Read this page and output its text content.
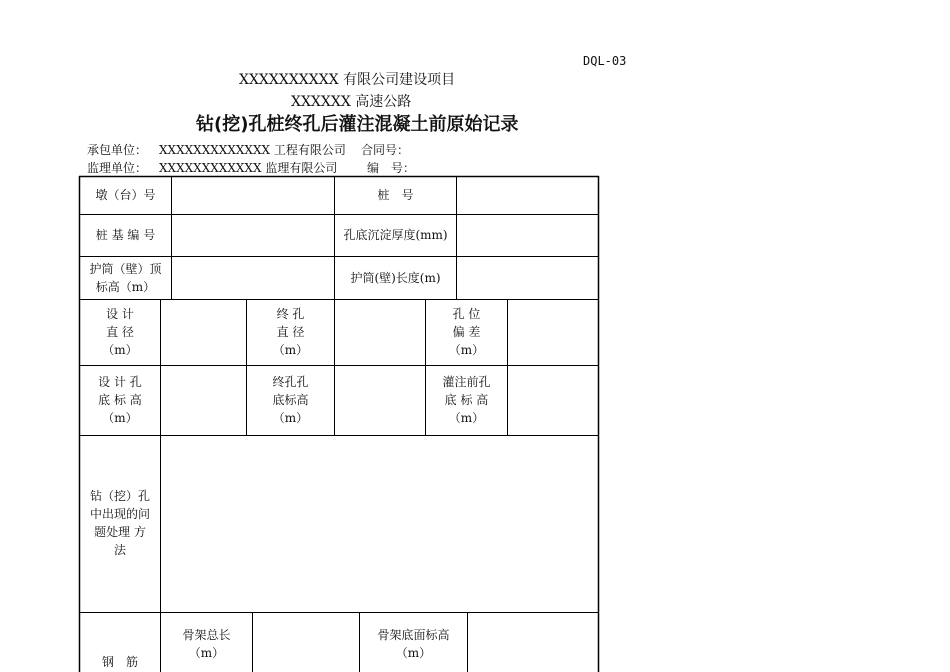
DQL-03
XXXXXXXXXX 有限公司建设项目
XXXXXX 高速公路
钻(挖)孔桩终孔后灌注混凝土前原始记录
承包单位： XXXXXXXXXXXXX 工程有限公司 合同号：
监理单位： XXXXXXXXXXXX 监理有限公司 编　号：
墩（台）号	桩　号
桩 基 编 号	孔底沉淀厚度(mm)
护筒（壁）顶
标高（m）
护筒(壁)长度(m)
设 计
直 径
（m）
终 孔
直 径
（m）
孔 位
偏 差
（m）
设 计 孔
底 标 高
（m）
终孔孔
底标高
（m）
灌注前孔
底 标 高
（m）
钻（挖）孔
中出现的问
题处理 方
法
钢　筋
骨架总长
（m）
骨架底面标高
（m）
